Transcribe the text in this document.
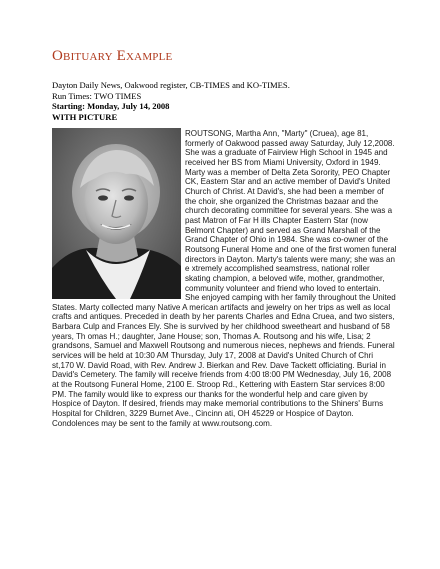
Obituary Example
Dayton Daily News, Oakwood register, CB-TIMES and KO-TIMES.
Run Times: TWO TIMES
Starting: Monday, July 14, 2008
WITH PICTURE
ROUTSONG, Martha Ann, "Marty" (Cruea), age 81, formerly of Oakwood passed away Saturday, July 12,2008. She was a graduate of Fairview High School in 1945 and received her BS from Miami University, Oxford in 1949. Marty was a member of Delta Zeta Sorority, PEO Chapter CK, Eastern Star and an active member of David's United Church of Christ. At David's, she had been a member of the choir, she organized the Christmas bazaar and the church decorating committee for several years. She was a past Matron of Far H ills Chapter Eastern Star (now Belmont Chapter) and served as Grand Marshall of the Grand Chapter of Ohio in 1984. She was co-owner of the Routsong Funeral Home and one of the first women funeral directors in Dayton. Marty's talents were many; she was an e xtremely accomplished seamstress, national roller skating champion, a beloved wife, mother, grandmother, community volunteer and friend who loved to entertain. She enjoyed camping with her family throughout the United States. Marty collected many Native A merican artifacts and jewelry on her trips as well as local crafts and antiques. Preceded in death by her parents Charles and Edna Cruea, and two sisters, Barbara Culp and Frances Ely. She is survived by her childhood sweetheart and husband of 58 years, Th omas H.; daughter, Jane House; son, Thomas A. Routsong and his wife, Lisa; 2 grandsons, Samuel and Maxwell Routsong and numerous nieces, nephews and friends. Funeral services will be held at 10:30 AM Thursday, July 17, 2008 at David's United Church of Chri st,170 W. David Road, with Rev. Andrew J. Bierkan and Rev. Dave Tackett officiating. Burial in David's Cemetery. The family will receive friends from 4:00 t8:00 PM Wednesday, July 16, 2008 at the Routsong Funeral Home, 2100 E. Stroop Rd., Kettering with Eastern Star services 8:00 PM. The family would like to express our thanks for the wonderful help and care given by Hospice of Dayton. If desired, friends may make memorial contributions to the Shiners' Burns Hospital for Children, 3229 Burnet Ave., Cincinn ati, OH 45229 or Hospice of Dayton. Condolences may be sent to the family at www.routsong.com.
